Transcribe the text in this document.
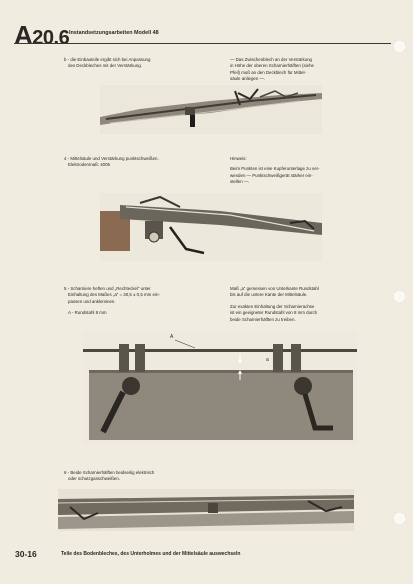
A20.6 Instandsetzungsarbeiten Modell 48
b - die Einbauteile ergibt sich bei Anpassung
des Deckbleches mit der Verstärkung.
— Das Zwischenblech an der Verstärkung
in Höhe der oberen Scharnierhälften (siehe
Pfeil) muß an den Deckblech für Mittel-
säule anliegen —.
4 - Mittelsäule und Verstärkung punktschweißen.
Elektrodenmaß: 4005
Hinweis:
Beim Punkten ist eine Kupferunterlage zu ver-
wenden — Punktschweißgerät stärker ein-
stellen —.
5 - Scharniere heften und „Rechteckel“ unter
Einhaltung des Maßes „a“ = 30,5 ± 0,5 mm ein-
passen und ankleminen.
A - Rundstahl 8 mm
Maß „a“ gemessen von Unterkante Rundstahl
bis auf die untere Kante der Mittelsäule.
Zur exakten Einhaltung der Scharnierachse
ist ein geeigneter Rundstahl von 8 mm durch
beide Scharnierhälften zu treiben.
A
a
6 - Beide Scharnierhälften beidseitig elektrisch
oder schutzgasschweißen.
30-16	Teile des Bodenbleches, des Unterholmes und der Mittelsäule auswechseln
